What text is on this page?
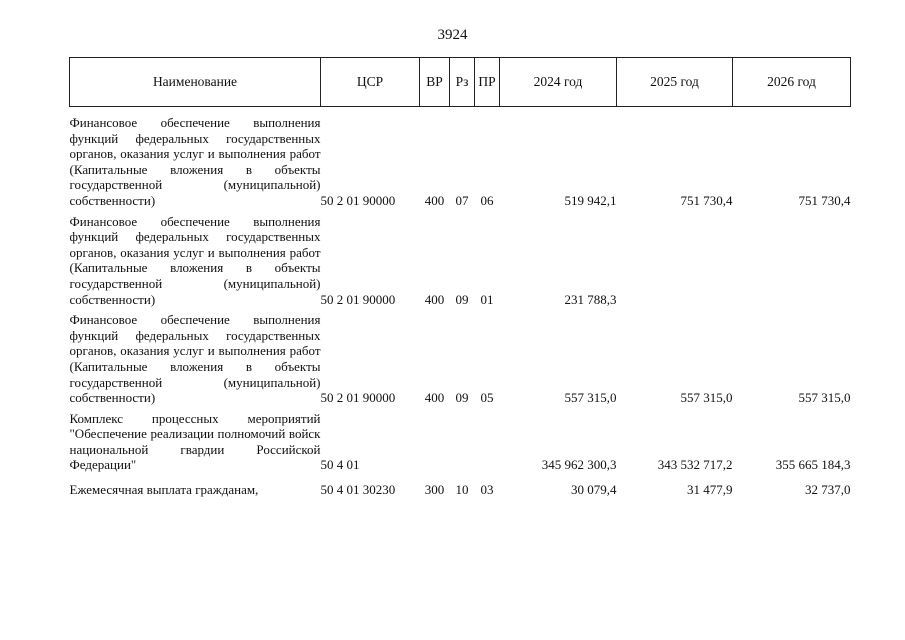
3924
Наименование	ЦСР	ВР	Рз	ПР	2024 год	2025 год	2026 год
Финансовое обеспечение выполнения функций федеральных государственных органов, оказания услуг и выполнения работ (Капитальные вложения в объекты государственной (муниципальной) собственности)	50 2 01 90000	400	07	06	519 942,1	751 730,4	751 730,4
Финансовое обеспечение выполнения функций федеральных государственных органов, оказания услуг и выполнения работ (Капитальные вложения в объекты государственной (муниципальной) собственности)	50 2 01 90000	400	09	01	231 788,3		
Финансовое обеспечение выполнения функций федеральных государственных органов, оказания услуг и выполнения работ (Капитальные вложения в объекты государственной (муниципальной) собственности)	50 2 01 90000	400	09	05	557 315,0	557 315,0	557 315,0
Комплекс процессных мероприятий "Обеспечение реализации полномочий войск национальной гвардии Российской Федерации"	50 4 01				345 962 300,3	343 532 717,2	355 665 184,3
Ежемесячная выплата гражданам,	50 4 01 30230	300	10	03	30 079,4	31 477,9	32 737,0
